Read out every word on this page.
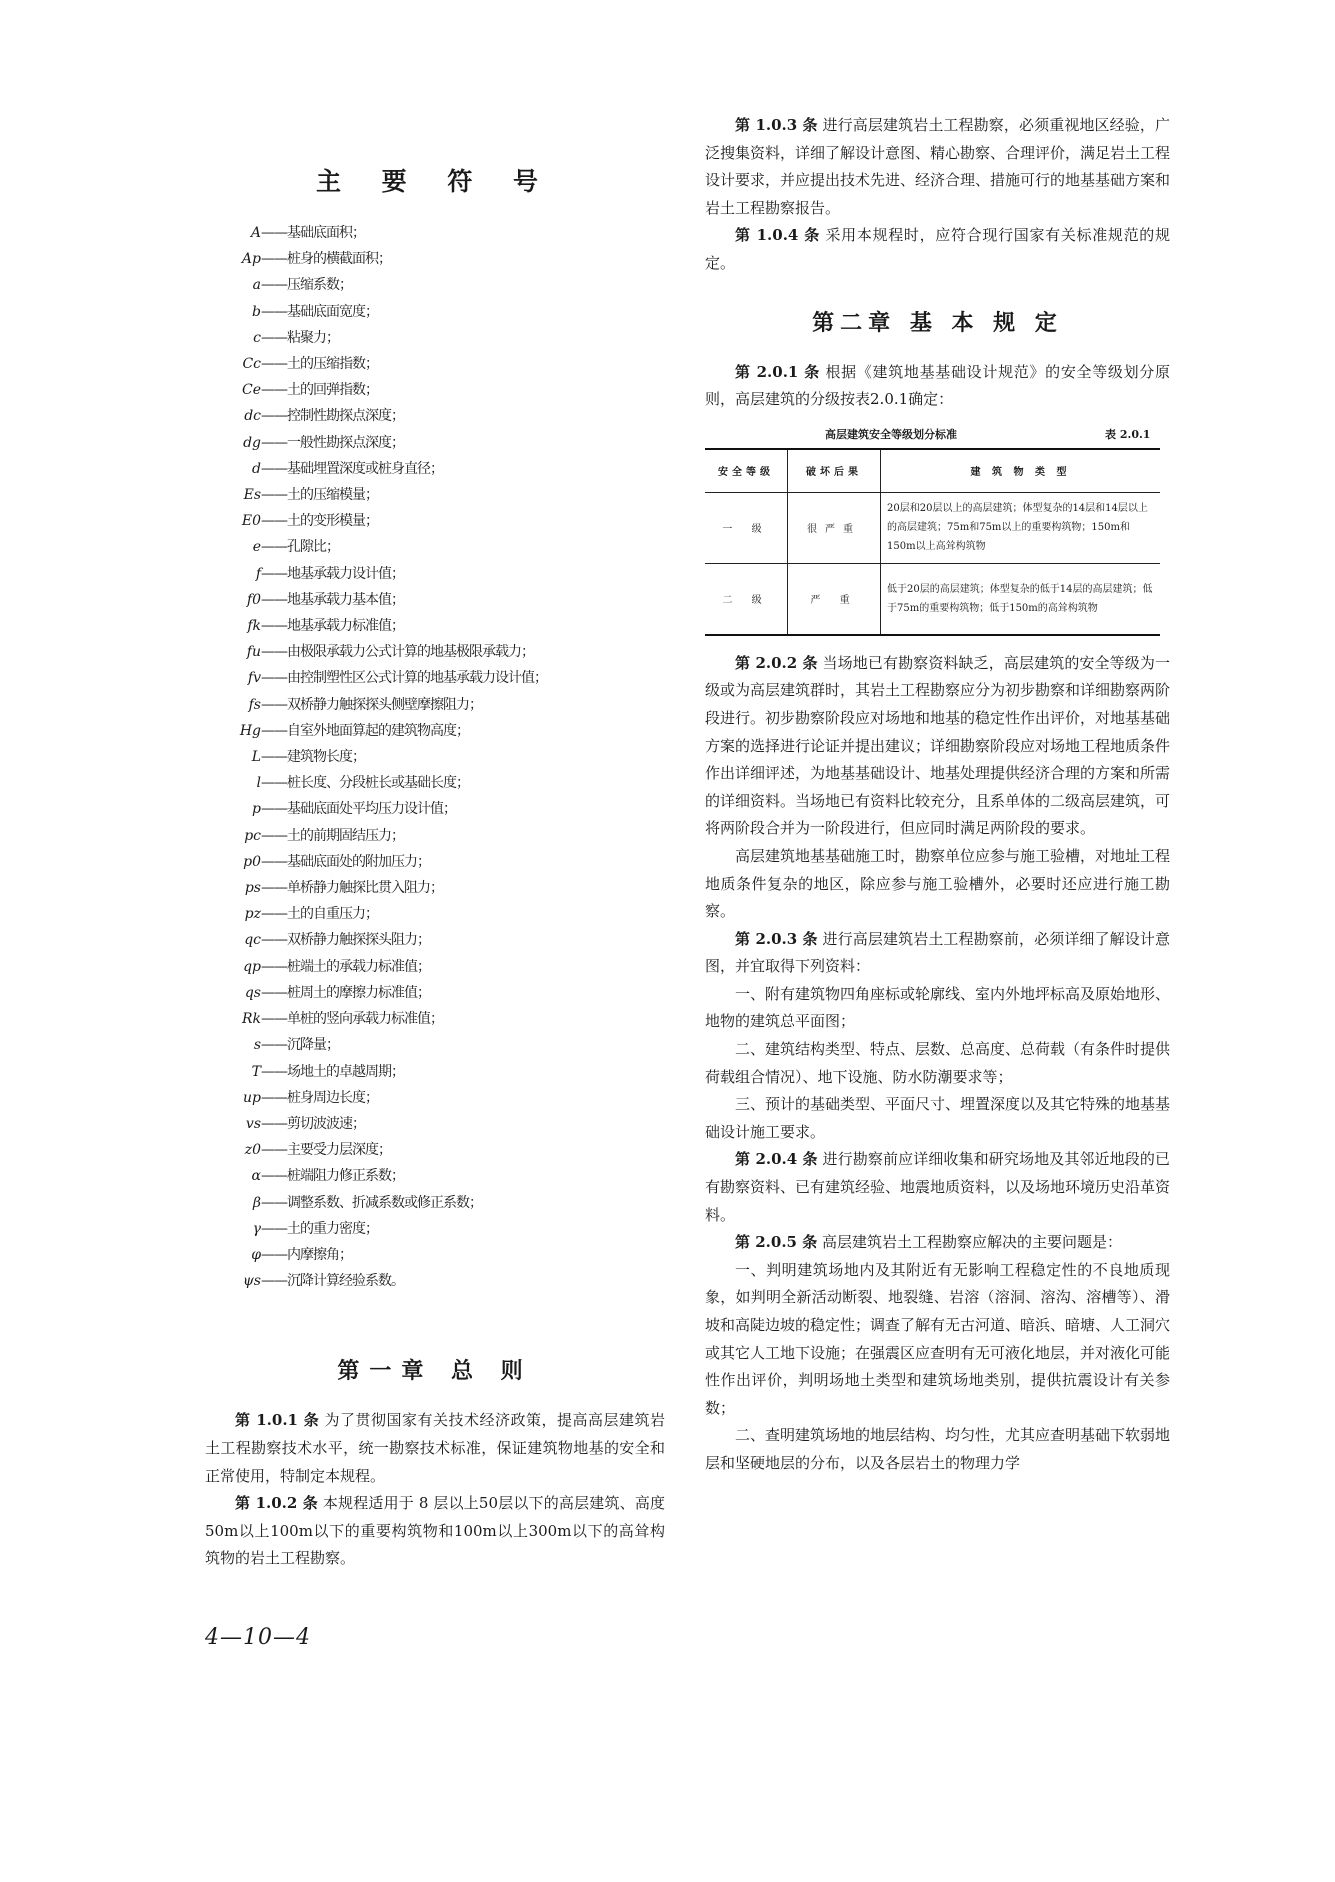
主 要 符 号
A——基础底面积；
Ap——桩身的横截面积；
a——压缩系数；
b——基础底面宽度；
c——粘聚力；
Cc——土的压缩指数；
Ce——土的回弹指数；
dc——控制性勘探点深度；
dg——一般性勘探点深度；
d——基础埋置深度或桩身直径；
Es——土的压缩模量；
E0——土的变形模量；
e——孔隙比；
f——地基承载力设计值；
f0——地基承载力基本值；
fk——地基承载力标准值；
fu——由极限承载力公式计算的地基极限承载力；
fv——由控制塑性区公式计算的地基承载力设计值；
fs——双桥静力触探探头侧壁摩擦阻力；
Hg——自室外地面算起的建筑物高度；
L——建筑物长度；
l——桩长度、分段桩长或基础长度；
p——基础底面处平均压力设计值；
pc——土的前期固结压力；
p0——基础底面处的附加压力；
ps——单桥静力触探比贯入阻力；
pz——土的自重压力；
qc——双桥静力触探探头阻力；
qp——桩端土的承载力标准值；
qs——桩周土的摩擦力标准值；
Rk——单桩的竖向承载力标准值；
s——沉降量；
T——场地土的卓越周期；
up——桩身周边长度；
vs——剪切波波速；
z0——主要受力层深度；
α——桩端阻力修正系数；
β——调整系数、折减系数或修正系数；
γ——土的重力密度；
φ——内摩擦角；
ψs——沉降计算经验系数。
第一章 总 则

第 1.0.1 条 为了贯彻国家有关技术经济政策，提高高层建筑岩土工程勘察技术水平，统一勘察技术标准，保证建筑物地基的安全和正常使用，特制定本规程。

第 1.0.2 条 本规程适用于 8 层以上50层以下的高层建筑、高度50m以上100m以下的重要构筑物和100m以上300m以下的高耸构筑物的岩土工程勘察。

4—10—4

第 1.0.3 条 进行高层建筑岩土工程勘察，必须重视地区经验，广泛搜集资料，详细了解设计意图、精心勘察、合理评价，满足岩土工程设计要求，并应提出技术先进、经济合理、措施可行的地基基础方案和岩土工程勘察报告。

第 1.0.4 条 采用本规程时，应符合现行国家有关标准规范的规定。

第二章 基 本 规 定

第 2.0.1 条 根据《建筑地基基础设计规范》的安全等级划分原则，高层建筑的分级按表2.0.1确定：

高层建筑安全等级划分标准	表 2.0.1
安全等级	破坏后果	建 筑 物 类 型
一 级	很严重	20层和20层以上的高层建筑；体型复杂的14层和14层以上的高层建筑；75m和75m以上的重要构筑物；150m和150m以上高耸构筑物
二 级	严 重	低于20层的高层建筑；体型复杂的低于14层的高层建筑；低于75m的重要构筑物；低于150m的高耸构筑物

第 2.0.2 条 当场地已有勘察资料缺乏，高层建筑的安全等级为一级或为高层建筑群时，其岩土工程勘察应分为初步勘察和详细勘察两阶段进行。初步勘察阶段应对场地和地基的稳定性作出评价，对地基基础方案的选择进行论证并提出建议；详细勘察阶段应对场地工程地质条件作出详细评述，为地基基础设计、地基处理提供经济合理的方案和所需的详细资料。当场地已有资料比较充分，且系单体的二级高层建筑，可将两阶段合并为一阶段进行，但应同时满足两阶段的要求。

高层建筑地基基础施工时，勘察单位应参与施工验槽，对地址工程地质条件复杂的地区，除应参与施工验槽外，必要时还应进行施工勘察。

第 2.0.3 条 进行高层建筑岩土工程勘察前，必须详细了解设计意图，并宜取得下列资料：

一、附有建筑物四角座标或轮廓线、室内外地坪标高及原始地形、地物的建筑总平面图；

二、建筑结构类型、特点、层数、总高度、总荷载（有条件时提供荷载组合情况）、地下设施、防水防潮要求等；

三、预计的基础类型、平面尺寸、埋置深度以及其它特殊的地基基础设计施工要求。

第 2.0.4 条 进行勘察前应详细收集和研究场地及其邻近地段的已有勘察资料、已有建筑经验、地震地质资料，以及场地环境历史沿革资料。

第 2.0.5 条 高层建筑岩土工程勘察应解决的主要问题是：

一、判明建筑场地内及其附近有无影响工程稳定性的不良地质现象，如判明全新活动断裂、地裂缝、岩溶（溶洞、溶沟、溶槽等）、滑坡和高陡边坡的稳定性；调查了解有无古河道、暗浜、暗塘、人工洞穴或其它人工地下设施；在强震区应查明有无可液化地层，并对液化可能性作出评价，判明场地土类型和建筑场地类别，提供抗震设计有关参数；

二、查明建筑场地的地层结构、均匀性，尤其应查明基础下软弱地层和坚硬地层的分布，以及各层岩土的物理力学
